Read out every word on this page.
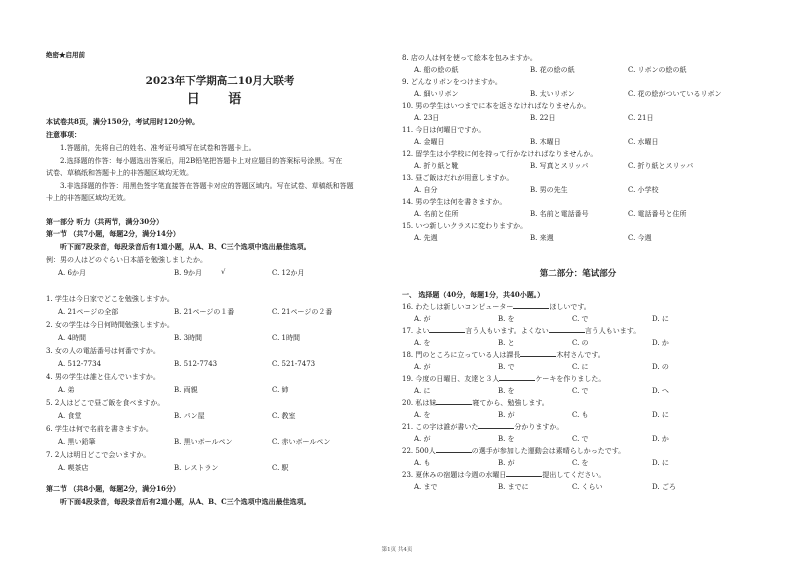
绝密★启用前
2023年下学期高二10月大联考
日 语
本试卷共8页，满分150分，考试用时120分钟。
注意事项：
1.答题前，先将自己的姓名、准考证号填写在试卷和答题卡上。
2.选择题的作答：每小题选出答案后，用2B铅笔把答题卡上对应题目的答案标号涂黑。写在
试卷、草稿纸和答题卡上的非答题区域均无效。
3.非选择题的作答：用黑色签字笔直接答在答题卡对应的答题区域内。写在试卷、草稿纸和答题
卡上的非答题区域均无效。
第一部分 听力（共两节，满分30分）
第一节 （共7小题，每题2分，满分14分）
听下面7段录音，每段录音后有1道小题，从A、B、C三个选项中选出最佳选项。
例：男の人はどのぐらい日本語を勉強しましたか。
A. 6か月	B. 9か月	√	C. 12か月
1. 学生は今日家でどこを勉強しますか。
A. 21ページの全部	B. 21ページの１番	C. 21ページの２番
2. 女の学生は今日何時間勉強しますか。
A. 4時間	B. 3時間	C. 1時間
3. 女の人の電話番号は何番ですか。
A. 512-7734	B. 512-7743	C. 521-7473
4. 男の学生は誰と住んでいますか。
A. 弟	B. 両親	C. 姉
5. 2人はどこで昼ご飯を食べますか。
A. 食堂	B. パン屋	C. 教室
6. 学生は何で名前を書きますか。
A. 黒い鉛筆	B. 黒いボールペン	C. 赤いボールペン
7. 2人は明日どこで会いますか。
A. 喫茶店	B. レストラン	C. 駅
第二节 （共8小题，每题2分，满分16分）
听下面4段录音，每段录音后有2道小题，从A、B、C三个选项中选出最佳选项。
8. 店の人は何を使って絵本を包みますか。
A. 船の絵の紙	B. 花の絵の紙	C. リボンの絵の紙
9. どんなリボンをつけますか。
A. 細いリボン	B. 太いリボン	C. 花の絵がついているリボン
10. 男の学生はいつまでに本を返さなければなりませんか。
A. 23日	B. 22日	C. 21日
11. 今日は何曜日ですか。
A. 金曜日	B. 木曜日	C. 水曜日
12. 留学生は小学校に何を持って行かなければなりませんか。
A. 折り紙と靴	B. 写真とスリッパ	C. 折り紙とスリッパ
13. 昼ご飯はだれが用意しますか。
A. 自分	B. 男の先生	C. 小学校
14. 男の学生は何を書きますか。
A. 名前と住所	B. 名前と電話番号	C. 電話番号と住所
15. いつ新しいクラスに変わりますか。
A. 先週	B. 来週	C. 今週
第二部分：笔试部分
一、 选择题（40分，每题1分，共40小题。）
16. わたしは新しいコンピューター	ほしいです。
A. が	B. を	C. で	D. に
17. よい	言う人もいます。よくない	言う人もいます。
A. を	B. と	C. の	D. か
18. 門のところに立っている人は課長	木村さんです。
A. が	B. で	C. に	D. の
19. 今度の日曜日、友達と３人	ケーキを作りました。
A. に	B. を	C. で	D. へ
20. 私は妹	寝てから、勉強します。
A. を	B. が	C. も	D. に
21. この字は誰が書いた	分かりますか。
A. が	B. を	C. で	D. か
22. 500人	の選手が参加した運動会は素晴らしかったです。
A. も	B. が	C. を	D. に
23. 夏休みの宿題は今週の水曜日	提出してください。
A. まで	B. までに	C. くらい	D. ごろ
第1页 共4页
